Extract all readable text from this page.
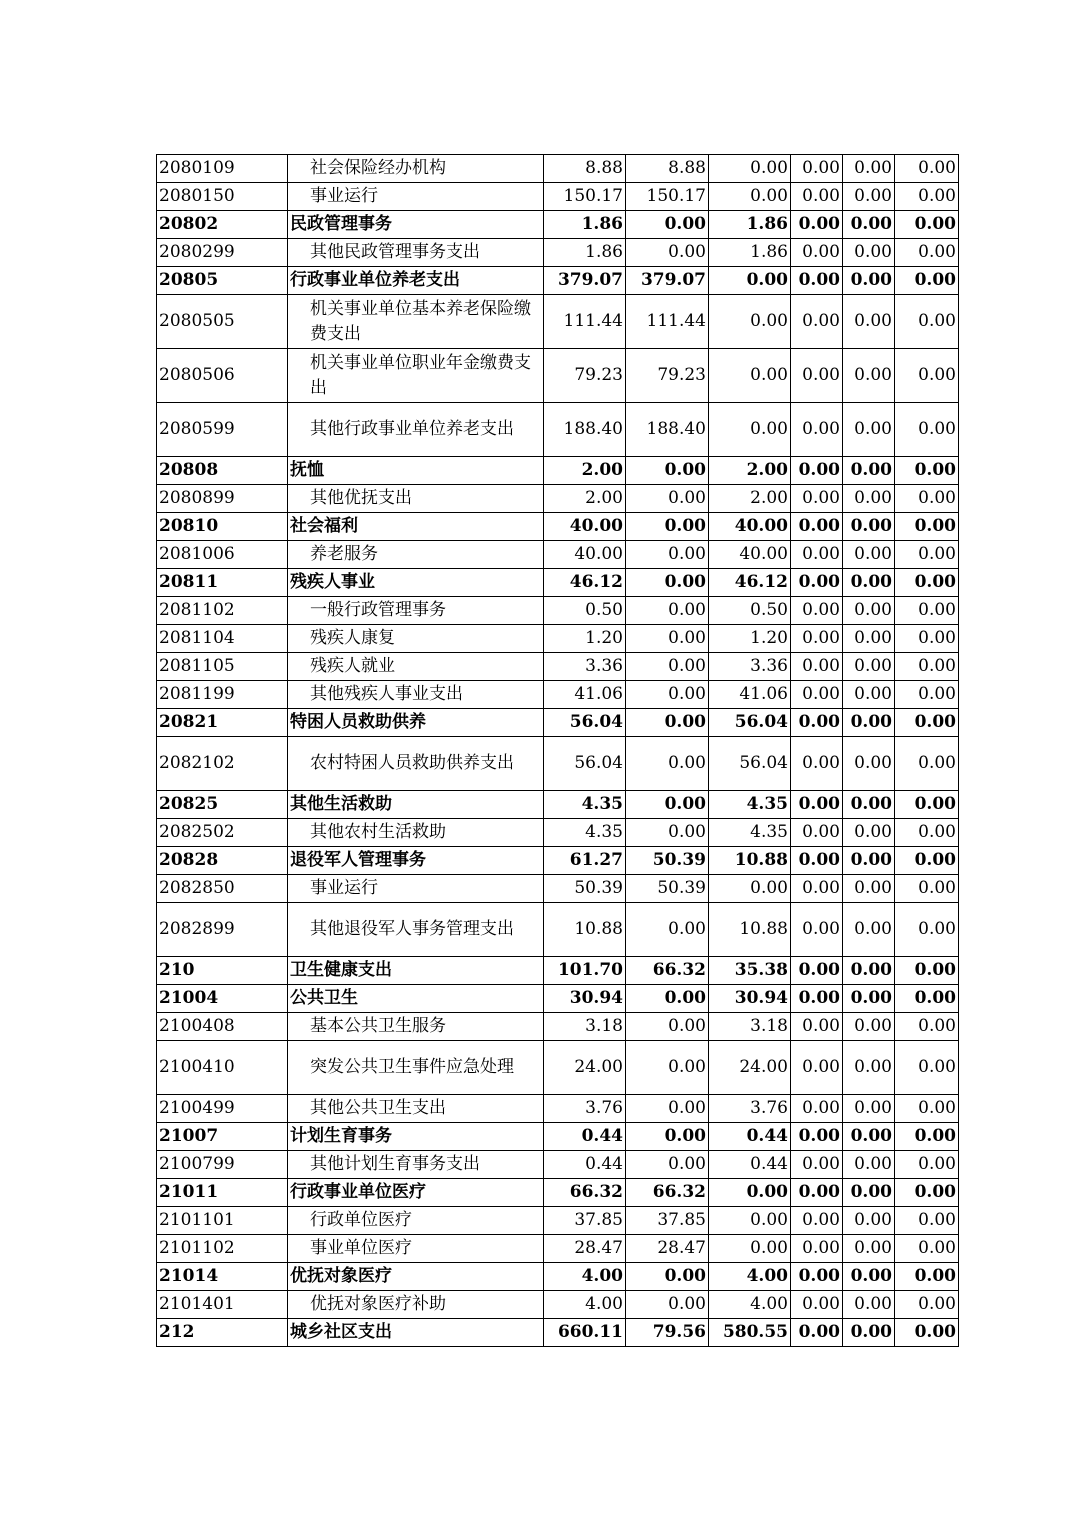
2080109	社会保险经办机构	8.88	8.88	0.00	0.00	0.00	0.00
2080150	事业运行	150.17	150.17	0.00	0.00	0.00	0.00
20802	民政管理事务	1.86	0.00	1.86	0.00	0.00	0.00
2080299	其他民政管理事务支出	1.86	0.00	1.86	0.00	0.00	0.00
20805	行政事业单位养老支出	379.07	379.07	0.00	0.00	0.00	0.00
2080505	机关事业单位基本养老保险缴费支出	111.44	111.44	0.00	0.00	0.00	0.00
2080506	机关事业单位职业年金缴费支出	79.23	79.23	0.00	0.00	0.00	0.00
2080599	其他行政事业单位养老支出	188.40	188.40	0.00	0.00	0.00	0.00
20808	抚恤	2.00	0.00	2.00	0.00	0.00	0.00
2080899	其他优抚支出	2.00	0.00	2.00	0.00	0.00	0.00
20810	社会福利	40.00	0.00	40.00	0.00	0.00	0.00
2081006	养老服务	40.00	0.00	40.00	0.00	0.00	0.00
20811	残疾人事业	46.12	0.00	46.12	0.00	0.00	0.00
2081102	一般行政管理事务	0.50	0.00	0.50	0.00	0.00	0.00
2081104	残疾人康复	1.20	0.00	1.20	0.00	0.00	0.00
2081105	残疾人就业	3.36	0.00	3.36	0.00	0.00	0.00
2081199	其他残疾人事业支出	41.06	0.00	41.06	0.00	0.00	0.00
20821	特困人员救助供养	56.04	0.00	56.04	0.00	0.00	0.00
2082102	农村特困人员救助供养支出	56.04	0.00	56.04	0.00	0.00	0.00
20825	其他生活救助	4.35	0.00	4.35	0.00	0.00	0.00
2082502	其他农村生活救助	4.35	0.00	4.35	0.00	0.00	0.00
20828	退役军人管理事务	61.27	50.39	10.88	0.00	0.00	0.00
2082850	事业运行	50.39	50.39	0.00	0.00	0.00	0.00
2082899	其他退役军人事务管理支出	10.88	0.00	10.88	0.00	0.00	0.00
210	卫生健康支出	101.70	66.32	35.38	0.00	0.00	0.00
21004	公共卫生	30.94	0.00	30.94	0.00	0.00	0.00
2100408	基本公共卫生服务	3.18	0.00	3.18	0.00	0.00	0.00
2100410	突发公共卫生事件应急处理	24.00	0.00	24.00	0.00	0.00	0.00
2100499	其他公共卫生支出	3.76	0.00	3.76	0.00	0.00	0.00
21007	计划生育事务	0.44	0.00	0.44	0.00	0.00	0.00
2100799	其他计划生育事务支出	0.44	0.00	0.44	0.00	0.00	0.00
21011	行政事业单位医疗	66.32	66.32	0.00	0.00	0.00	0.00
2101101	行政单位医疗	37.85	37.85	0.00	0.00	0.00	0.00
2101102	事业单位医疗	28.47	28.47	0.00	0.00	0.00	0.00
21014	优抚对象医疗	4.00	0.00	4.00	0.00	0.00	0.00
2101401	优抚对象医疗补助	4.00	0.00	4.00	0.00	0.00	0.00
212	城乡社区支出	660.11	79.56	580.55	0.00	0.00	0.00
